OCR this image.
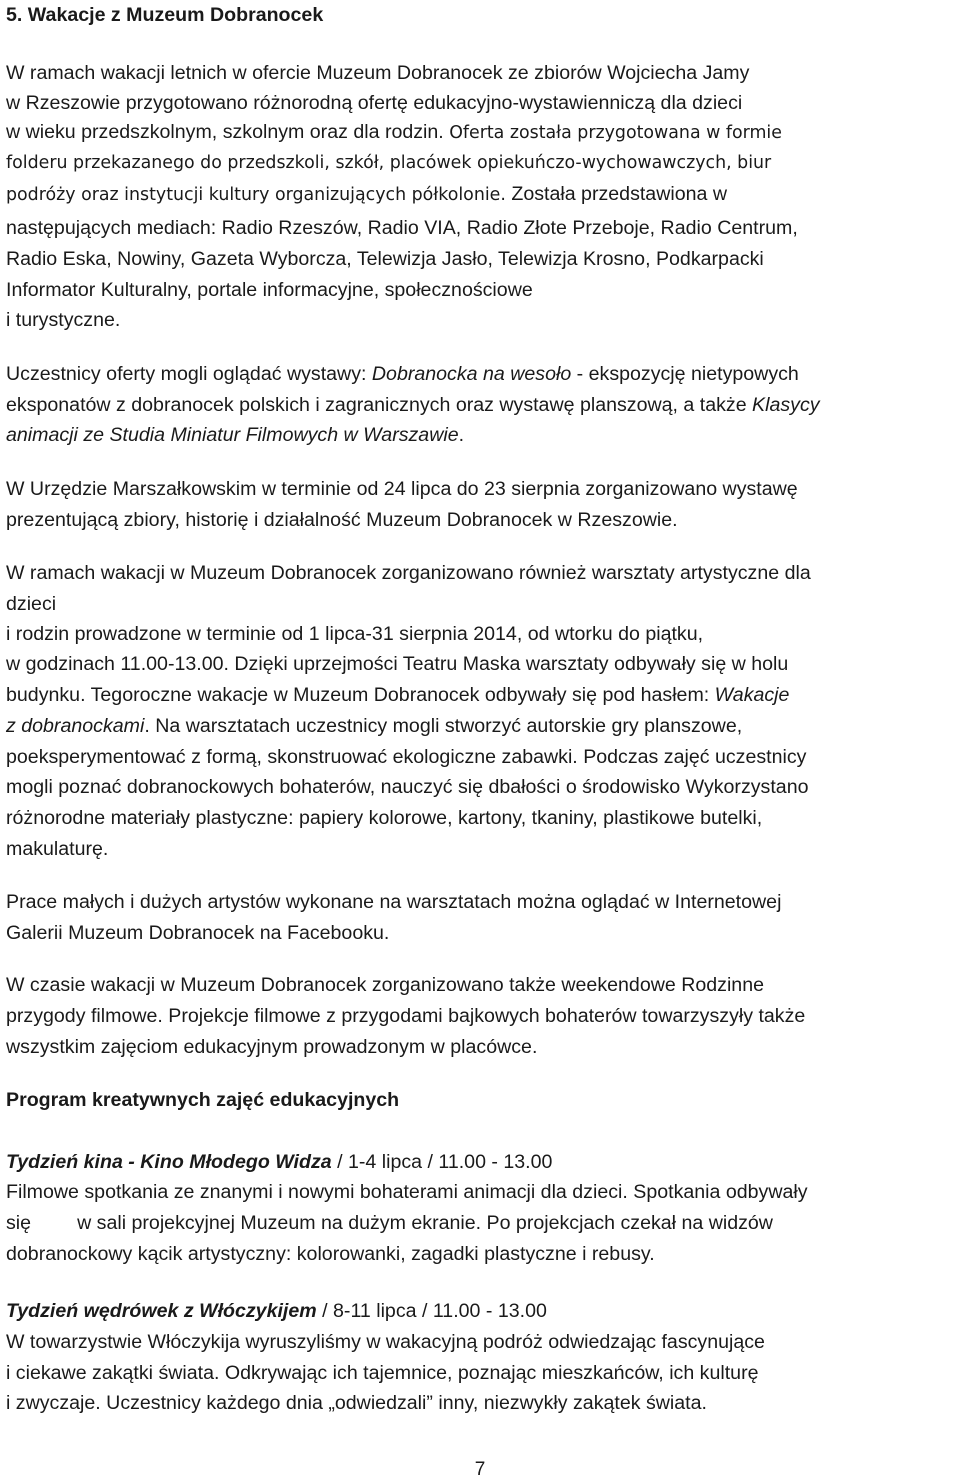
5. Wakacje z Muzeum Dobranocek
W ramach wakacji letnich w ofercie Muzeum Dobranocek ze zbiorów Wojciecha Jamy
w Rzeszowie przygotowano różnorodną ofertę edukacyjno-wystawienniczą dla dzieci
w wieku przedszkolnym, szkolnym oraz dla rodzin. Oferta została przygotowana w formie
folderu przekazanego do przedszkoli, szkół, placówek opiekuńczo-wychowawczych, biur
podróży oraz instytucji kultury organizujących półkolonie. Została przedstawiona w
następujących mediach: Radio Rzeszów, Radio VIA, Radio Złote Przeboje, Radio Centrum,
Radio Eska, Nowiny, Gazeta Wyborcza, Telewizja Jasło, Telewizja Krosno, Podkarpacki
Informator Kulturalny, portale informacyjne, społecznościowe
i turystyczne.
Uczestnicy oferty mogli oglądać wystawy: Dobranocka na wesoło - ekspozycję nietypowych
eksponatów z dobranocek polskich i zagranicznych oraz wystawę planszową, a także Klasycy
animacji ze Studia Miniatur Filmowych w Warszawie.
W Urzędzie Marszałkowskim w terminie od 24 lipca do 23 sierpnia zorganizowano wystawę
prezentującą zbiory, historię i działalność Muzeum Dobranocek w Rzeszowie.
W ramach wakacji w Muzeum Dobranocek zorganizowano również warsztaty artystyczne dla
dzieci
i rodzin prowadzone w terminie od 1 lipca-31 sierpnia 2014, od wtorku do piątku,
w godzinach 11.00-13.00. Dzięki uprzejmości Teatru Maska warsztaty odbywały się w holu
budynku. Tegoroczne wakacje w Muzeum Dobranocek odbywały się pod hasłem: Wakacje
z dobranockami. Na warsztatach uczestnicy mogli stworzyć autorskie gry planszowe,
poeksperymentować z formą, skonstruować ekologiczne zabawki. Podczas zajęć uczestnicy
mogli poznać dobranockowych bohaterów, nauczyć się dbałości o środowisko Wykorzystano
różnorodne materiały plastyczne: papiery kolorowe, kartony, tkaniny, plastikowe butelki,
makulaturę.
Prace małych i dużych artystów wykonane na warsztatach można oglądać w Internetowej
Galerii Muzeum Dobranocek na Facebooku.
W czasie wakacji w Muzeum Dobranocek zorganizowano także weekendowe Rodzinne
przygody filmowe. Projekcje filmowe z przygodami bajkowych bohaterów towarzyszyły także
wszystkim zajęciom edukacyjnym prowadzonym w placówce.
Program kreatywnych zajęć edukacyjnych
Tydzień kina - Kino Młodego Widza / 1-4 lipca / 11.00 - 13.00
Filmowe spotkania ze znanymi i nowymi bohaterami animacji dla dzieci. Spotkania odbywały
się w sali projekcyjnej Muzeum na dużym ekranie. Po projekcjach czekał na widzów
dobranockowy kącik artystyczny: kolorowanki, zagadki plastyczne i rebusy.
Tydzień wędrówek z Włóczykijem / 8-11 lipca / 11.00 - 13.00
W towarzystwie Włóczykija wyruszyliśmy w wakacyjną podróż odwiedzając fascynujące
i ciekawe zakątki świata. Odkrywając ich tajemnice, poznając mieszkańców, ich kulturę
i zwyczaje. Uczestnicy każdego dnia „odwiedzali” inny, niezwykły zakątek świata.
7
